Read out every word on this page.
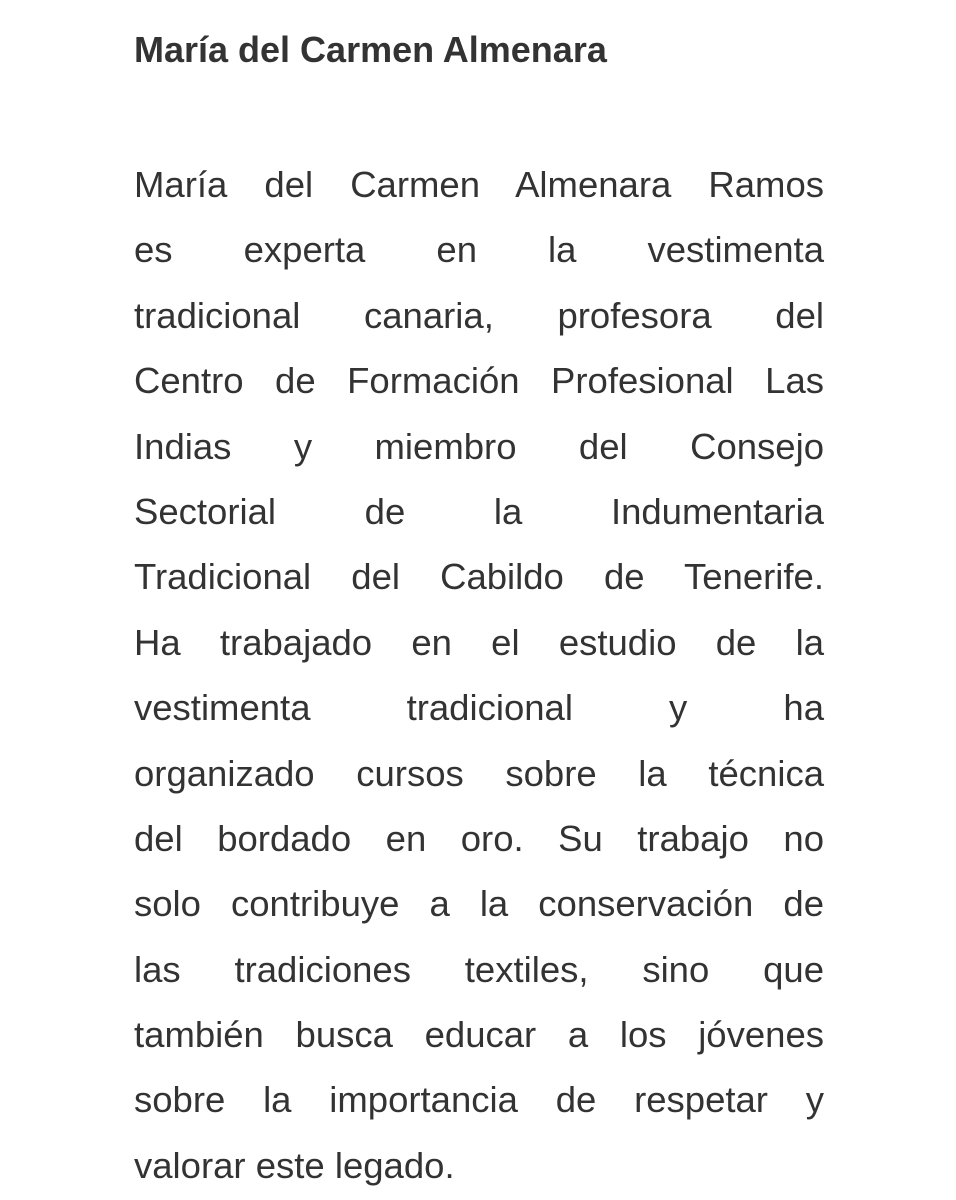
María del Carmen Almenara
María del Carmen Almenara Ramos
es experta en la vestimenta
tradicional canaria, profesora del
Centro de Formación Profesional Las
Indias y miembro del Consejo
Sectorial de la Indumentaria
Tradicional del Cabildo de Tenerife.
Ha trabajado en el estudio de la
vestimenta tradicional y ha
organizado cursos sobre la técnica
del bordado en oro. Su trabajo no
solo contribuye a la conservación de
las tradiciones textiles, sino que
también busca educar a los jóvenes
sobre la importancia de respetar y
valorar este legado.
